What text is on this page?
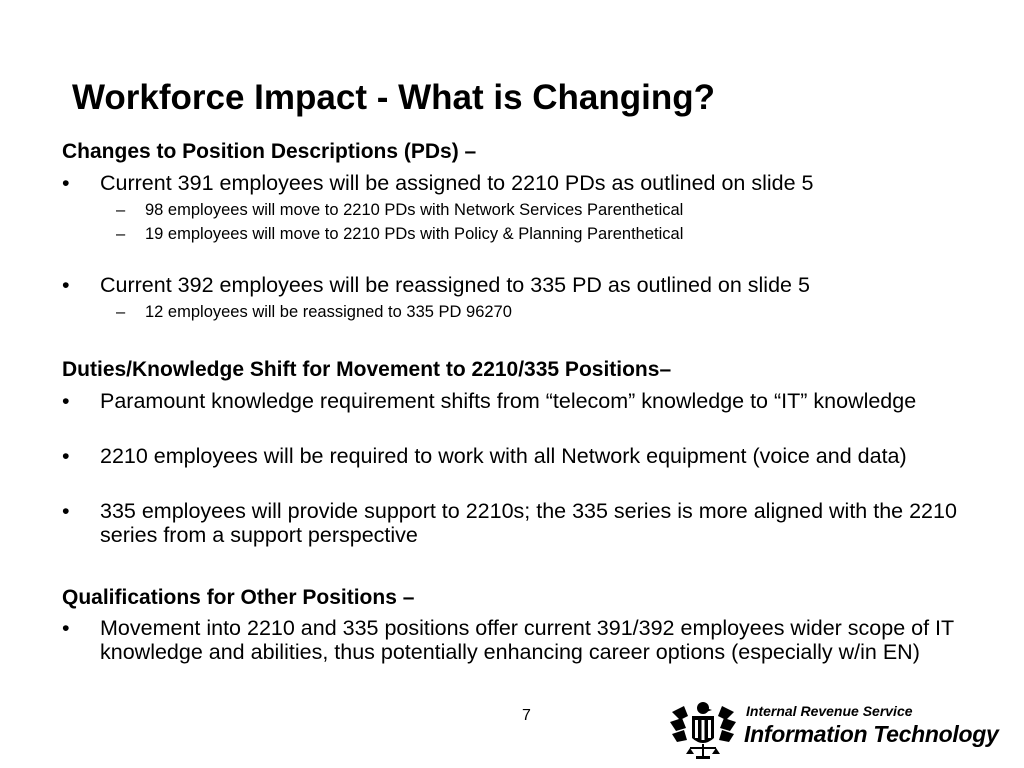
Workforce Impact - What is Changing?
Changes to Position Descriptions (PDs) –
• Current 391 employees will be assigned to 2210 PDs as outlined on slide 5
– 98 employees will move to 2210 PDs with Network Services Parenthetical
– 19 employees will move to 2210 PDs with Policy & Planning Parenthetical
• Current 392 employees will be reassigned to 335 PD as outlined on slide 5
– 12 employees will be reassigned to 335 PD 96270
Duties/Knowledge Shift for Movement to 2210/335 Positions–
• Paramount knowledge requirement shifts from “telecom” knowledge to “IT” knowledge
• 2210 employees will be required to work with all Network equipment (voice and data)
• 335 employees will provide support to 2210s; the 335 series is more aligned with the 2210 series from a support perspective
Qualifications for Other Positions –
• Movement into 2210 and 335 positions offer current 391/392 employees wider scope of IT knowledge and abilities, thus potentially enhancing career options (especially w/in EN)
7	Internal Revenue Service
Information Technology
